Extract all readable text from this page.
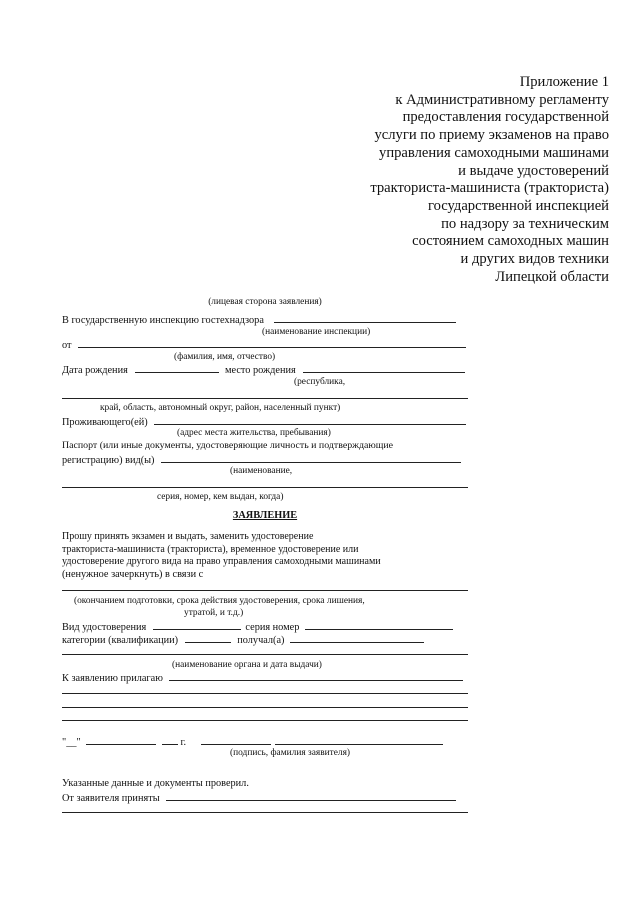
Приложение 1
к Административному регламенту
предоставления государственной
услуги по приему экзаменов на право
управления самоходными машинами
и выдаче удостоверений
тракториста-машиниста (тракториста)
государственной инспекцией
по надзору за техническим
состоянием самоходных машин
и других видов техники
Липецкой области
(лицевая сторона заявления)
В государственную инспекцию гостехнадзора
(наименование инспекции)
от
(фамилия, имя, отчество)
Дата рождения	место рождения
(республика,
край, область, автономный округ, район, населенный пункт)
Проживающего(ей)
(адрес места жительства, пребывания)
Паспорт (или иные документы, удостоверяющие личность и подтверждающие
регистрацию) вид(ы)
(наименование,
серия, номер, кем выдан, когда)
ЗАЯВЛЕНИЕ
Прошу принять экзамен и выдать, заменить удостоверение
тракториста-машиниста (тракториста), временное удостоверение или
удостоверение другого вида на право управления самоходными машинами
(ненужное зачеркнуть) в связи с
(окончанием подготовки, срока действия удостоверения, срока лишения,
утратой, и т.д.)
Вид удостоверения	серия номер
категории (квалификации)	получал(а)
(наименование органа и дата выдачи)
К заявлению прилагаю
"__"	г.
(подпись, фамилия заявителя)
Указанные данные и документы проверил.
От заявителя приняты
